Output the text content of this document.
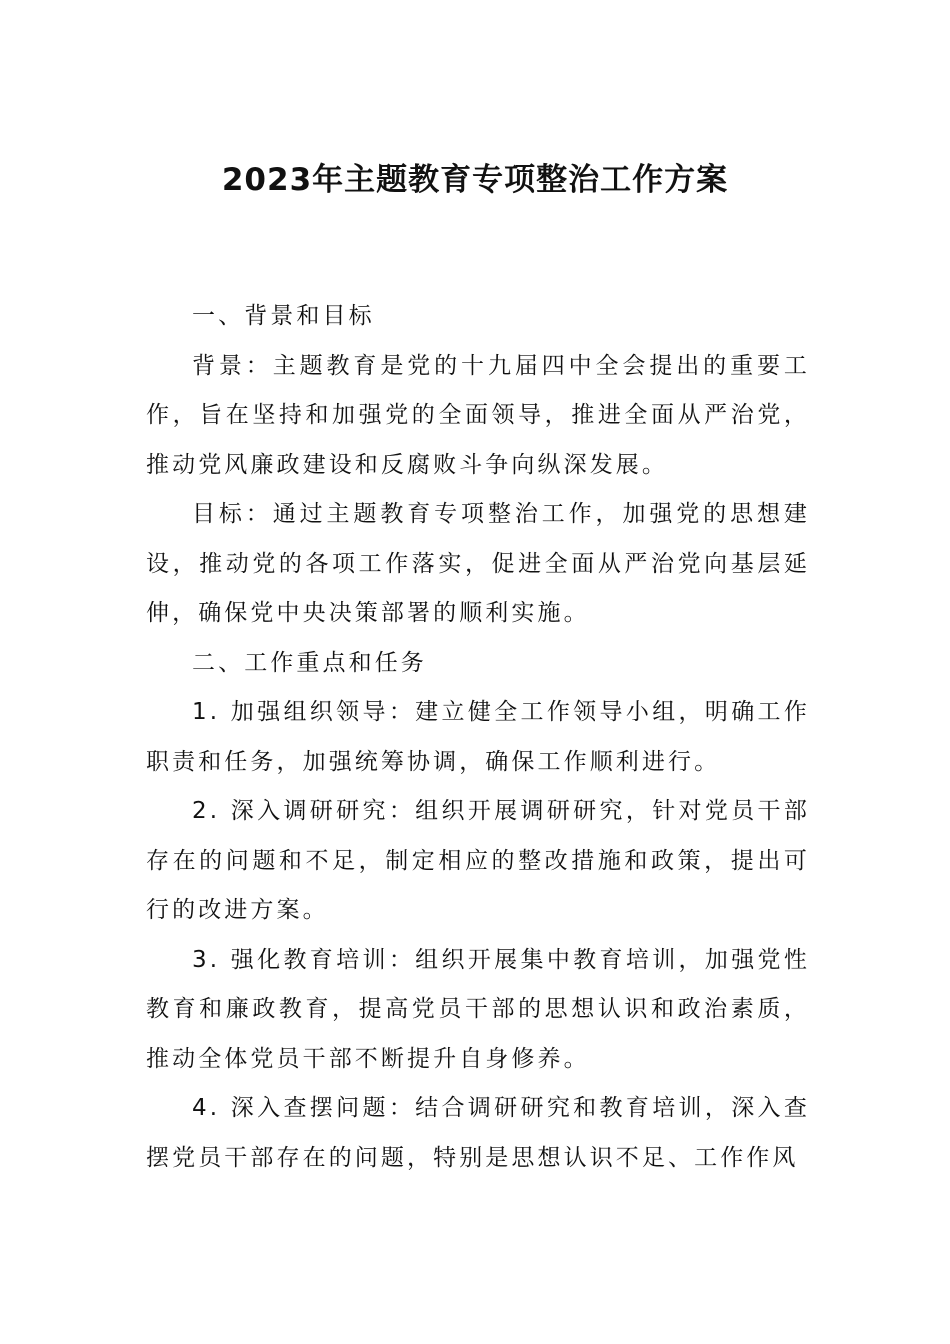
2023年主题教育专项整治工作方案

一、背景和目标

背景：主题教育是党的十九届四中全会提出的重要工作，旨在坚持和加强党的全面领导，推进全面从严治党，推动党风廉政建设和反腐败斗争向纵深发展。

目标：通过主题教育专项整治工作，加强党的思想建设，推动党的各项工作落实，促进全面从严治党向基层延伸，确保党中央决策部署的顺利实施。

二、工作重点和任务

1. 加强组织领导：建立健全工作领导小组，明确工作职责和任务，加强统筹协调，确保工作顺利进行。

2. 深入调研研究：组织开展调研研究，针对党员干部存在的问题和不足，制定相应的整改措施和政策，提出可行的改进方案。

3. 强化教育培训：组织开展集中教育培训，加强党性教育和廉政教育，提高党员干部的思想认识和政治素质，推动全体党员干部不断提升自身修养。

4. 深入查摆问题：结合调研研究和教育培训，深入查摆党员干部存在的问题，特别是思想认识不足、工作作风
